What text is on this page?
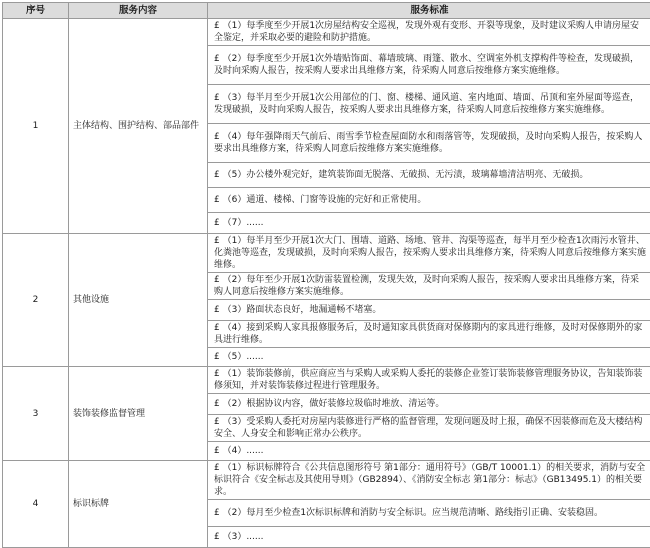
序号	服务内容	服务标准
1	主体结构、围护结构、部品部件	£ （1）每季度至少开展1次房屋结构安全巡视，发现外观有变形、开裂等现象，及时建议采购人申请房屋安全鉴定，并采取必要的避险和防护措施。
		£ （2）每季度至少开展1次外墙贴饰面、幕墙玻璃、雨篷、散水、空调室外机支撑构件等检查，发现破损，及时向采购人报告，按采购人要求出具维修方案，待采购人同意后按维修方案实施维修。
		£ （3）每半月至少开展1次公用部位的门、窗、楼梯、通风道、室内地面、墙面、吊顶和室外屋面等巡查，发现破损，及时向采购人报告，按采购人要求出具维修方案，待采购人同意后按维修方案实施维修。
		£ （4）每年强降雨天气前后、雨雪季节检查屋面防水和雨落管等，发现破损，及时向采购人报告，按采购人要求出具维修方案，待采购人同意后按维修方案实施维修。
		£ （5）办公楼外观完好，建筑装饰面无脱落、无破损、无污渍，玻璃幕墙清洁明亮、无破损。
		£ （6）通道、楼梯、门窗等设施的完好和正常使用。
		£ （7）......
2	其他设施	£ （1）每半月至少开展1次大门、围墙、道路、场地、管井、沟渠等巡查，每半月至少检查1次雨污水管井、化粪池等巡查，发现破损，及时向采购人报告，按采购人要求出具维修方案，待采购人同意后按维修方案实施维修。
		£ （2）每年至少开展1次防雷装置检测，发现失效，及时向采购人报告，按采购人要求出具维修方案，待采购人同意后按维修方案实施维修。
		£ （3）路面状态良好，地漏通畅不堵塞。
		£ （4）接到采购人家具报修服务后，及时通知家具供货商对保修期内的家具进行维修，及时对保修期外的家具进行维修。
		£ （5）......
3	装饰装修监督管理	£ （1）装饰装修前，供应商应当与采购人或采购人委托的装修企业签订装饰装修管理服务协议，告知装饰装修须知，并对装饰装修过程进行管理服务。
		£ （2）根据协议内容，做好装修垃圾临时堆放、清运等。
		£ （3）受采购人委托对房屋内装修进行严格的监督管理，发现问题及时上报，确保不因装修而危及大楼结构安全、人身安全和影响正常办公秩序。
		£ （4）......
4	标识标牌	£ （1）标识标牌符合《公共信息图形符号 第1部分：通用符号》（GB/T 10001.1）的相关要求，消防与安全标识符合《安全标志及其使用导则》（GB2894）、《消防安全标志 第1部分：标志》（GB13495.1）的相关要求。
		£ （2）每月至少检查1次标识标牌和消防与安全标识。应当规范清晰、路线指引正确、安装稳固。
		£ （3）......
